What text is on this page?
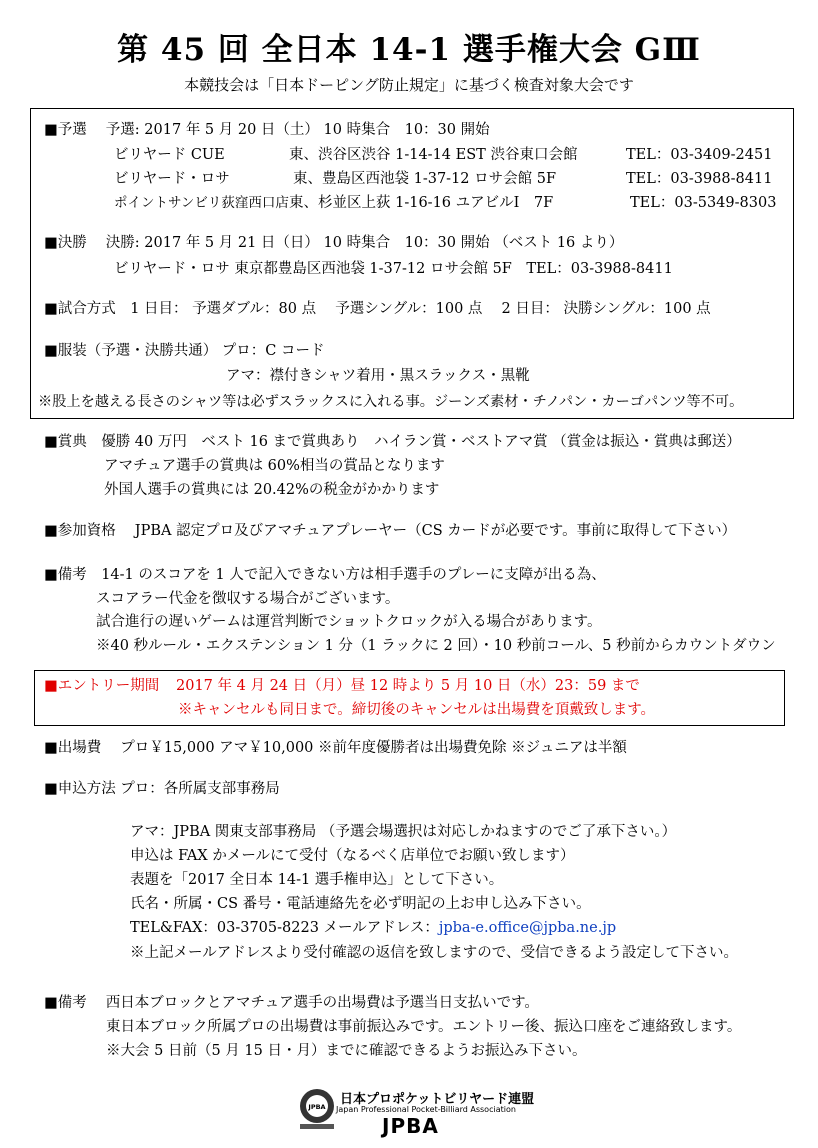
第 45 回 全日本 14-1 選手権大会 GⅢ
本競技会は「日本ドーピング防止規定」に基づく検査対象大会です
■予選　 予選: 2017 年 5 月 20 日（土） 10 時集合　10：30 開始
ビリヤード CUE	東、渋谷区渋谷 1-14-14 EST 渋谷東口会館	TEL：03-3409-2451
ビリヤード・ロサ	東、豊島区西池袋 1-37-12 ロサ会館 5F	TEL：03-3988-8411
ポイントサンビリ荻窪西口店 東、杉並区上荻 1-16-16 ユアビルⅠ　7F	TEL：03-5349-8303
■決勝　 決勝: 2017 年 5 月 21 日（日） 10 時集合　10：30 開始 （ベスト 16 より）
ビリヤード・ロサ 東京都豊島区西池袋 1-37-12 ロサ会館 5F　TEL：03-3988-8411
■試合方式　1 日目： 予選ダブル：80 点　 予選シングル：100 点　 2 日目： 決勝シングル：100 点
■服装（予選・決勝共通） プロ：C コード
アマ：襟付きシャツ着用・黒スラックス・黒靴
※股上を越える長さのシャツ等は必ずスラックスに入れる事。ジーンズ素材・チノパン・カーゴパンツ等不可。
■賞典　優勝 40 万円　ベスト 16 まで賞典あり　ハイラン賞・ベストアマ賞 （賞金は振込・賞典は郵送）
アマチュア選手の賞典は 60%相当の賞品となります
外国人選手の賞典には 20.42%の税金がかかります
■参加資格　 JPBA 認定プロ及びアマチュアプレーヤー（CS カードが必要です。事前に取得して下さい）
■備考　14-1 のスコアを 1 人で記入できない方は相手選手のプレーに支障が出る為、
スコアラー代金を徴収する場合がございます。
試合進行の遅いゲームは運営判断でショットクロックが入る場合があります。
※40 秒ルール・エクステンション 1 分（1 ラックに 2 回）・10 秒前コール、5 秒前からカウントダウン
■エントリー期間 2017 年 4 月 24 日（月）昼 12 時より 5 月 10 日（水）23：59 まで
※キャンセルも同日まで。締切後のキャンセルは出場費を頂戴致します。
■出場費　 プロ￥15,000 アマ￥10,000 ※前年度優勝者は出場費免除 ※ジュニアは半額
■申込方法 プロ：各所属支部事務局
アマ：JPBA 関東支部事務局 （予選会場選択は対応しかねますのでご了承下さい。）
申込は FAX かメールにて受付（なるべく店単位でお願い致します）
表題を「2017 全日本 14-1 選手権申込」として下さい。
氏名・所属・CS 番号・電話連絡先を必ず明記の上お申し込み下さい。
TEL&FAX：03-3705-8223 メールアドレス：jpba-e.office@jpba.ne.jp
※上記メールアドレスより受付確認の返信を致しますので、受信できるよう設定して下さい。
■備考　 西日本ブロックとアマチュア選手の出場費は予選当日支払いです。
東日本ブロック所属プロの出場費は事前振込みです。エントリー後、振込口座をご連絡致します。
※大会 5 日前（5 月 15 日・月）までに確認できるようお振込み下さい。
JPBA 日本プロポケットビリヤード連盟
Japan Professional Pocket-Billiard Association
JPBA
